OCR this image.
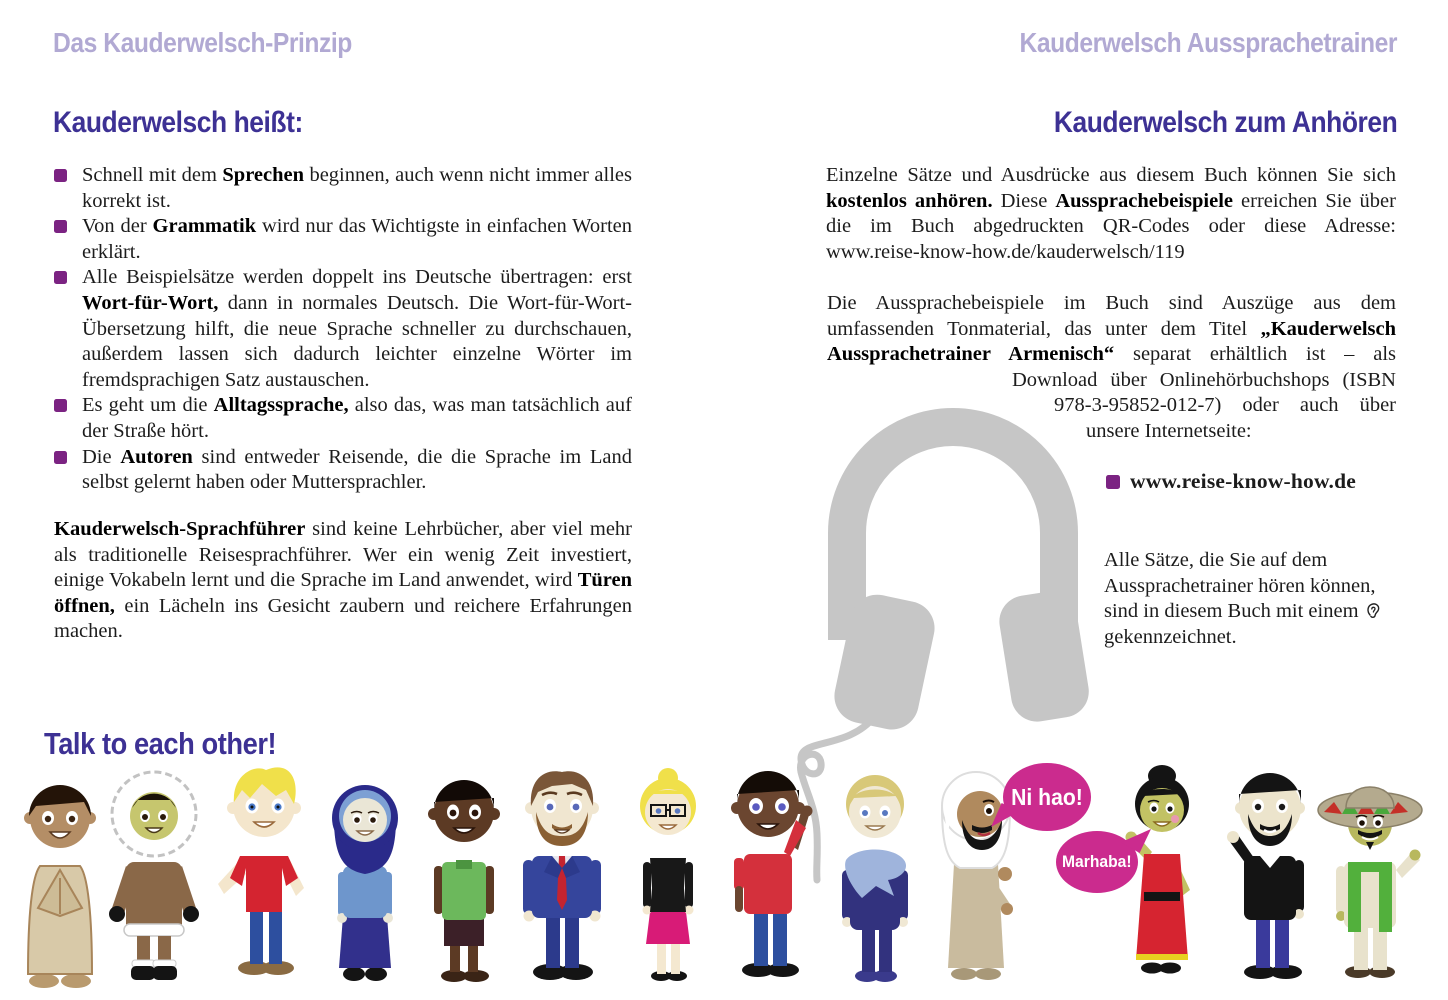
Das Kauderwelsch-Prinzip
Kauderwelsch heißt:
Schnell mit dem Sprechen beginnen, auch wenn nicht immer alles korrekt ist.
Von der Grammatik wird nur das Wichtigste in einfachen Worten erklärt.
Alle Beispielsätze werden doppelt ins Deutsche übertragen: erst Wort-für-Wort, dann in normales Deutsch. Die Wort-für-Wort-Übersetzung hilft, die neue Sprache schneller zu durchschauen, außerdem lassen sich dadurch leichter einzelne Wörter im fremdsprachigen Satz austauschen.
Es geht um die Alltagssprache, also das, was man tatsächlich auf der Straße hört.
Die Autoren sind entweder Reisende, die die Sprache im Land selbst gelernt haben oder Muttersprachler.
Kauderwelsch-Sprachführer sind keine Lehrbücher, aber viel mehr als traditionelle Reisesprachführer. Wer ein wenig Zeit investiert, einige Vokabeln lernt und die Sprache im Land anwendet, wird Türen öffnen, ein Lächeln ins Gesicht zaubern und reichere Erfahrungen machen.
Talk to each other!
Kauderwelsch Aussprachetrainer
Kauderwelsch zum Anhören
Einzelne Sätze und Ausdrücke aus diesem Buch können Sie sich kostenlos anhören. Diese Aussprachebeispiele erreichen Sie über die im Buch abgedruckten QR-Codes oder diese Adresse: www.reise-know-how.de/kauderwelsch/119
Die Aussprachebeispiele im Buch sind Auszüge aus dem umfassenden Tonmaterial, das unter dem Titel „Kauderwelsch Aussprachetrainer Armenisch“ separat erhältlich ist – als Download über Onlinehörbuchshops (ISBN 978-3-95852-012-7) oder auch über unsere Internetseite:
www.reise-know-how.de
Alle Sätze, die Sie auf dem Aussprachetrainer hören können, sind in diesem Buch mit einem  gekennzeichnet.
Ni hao!
Marhaba!
